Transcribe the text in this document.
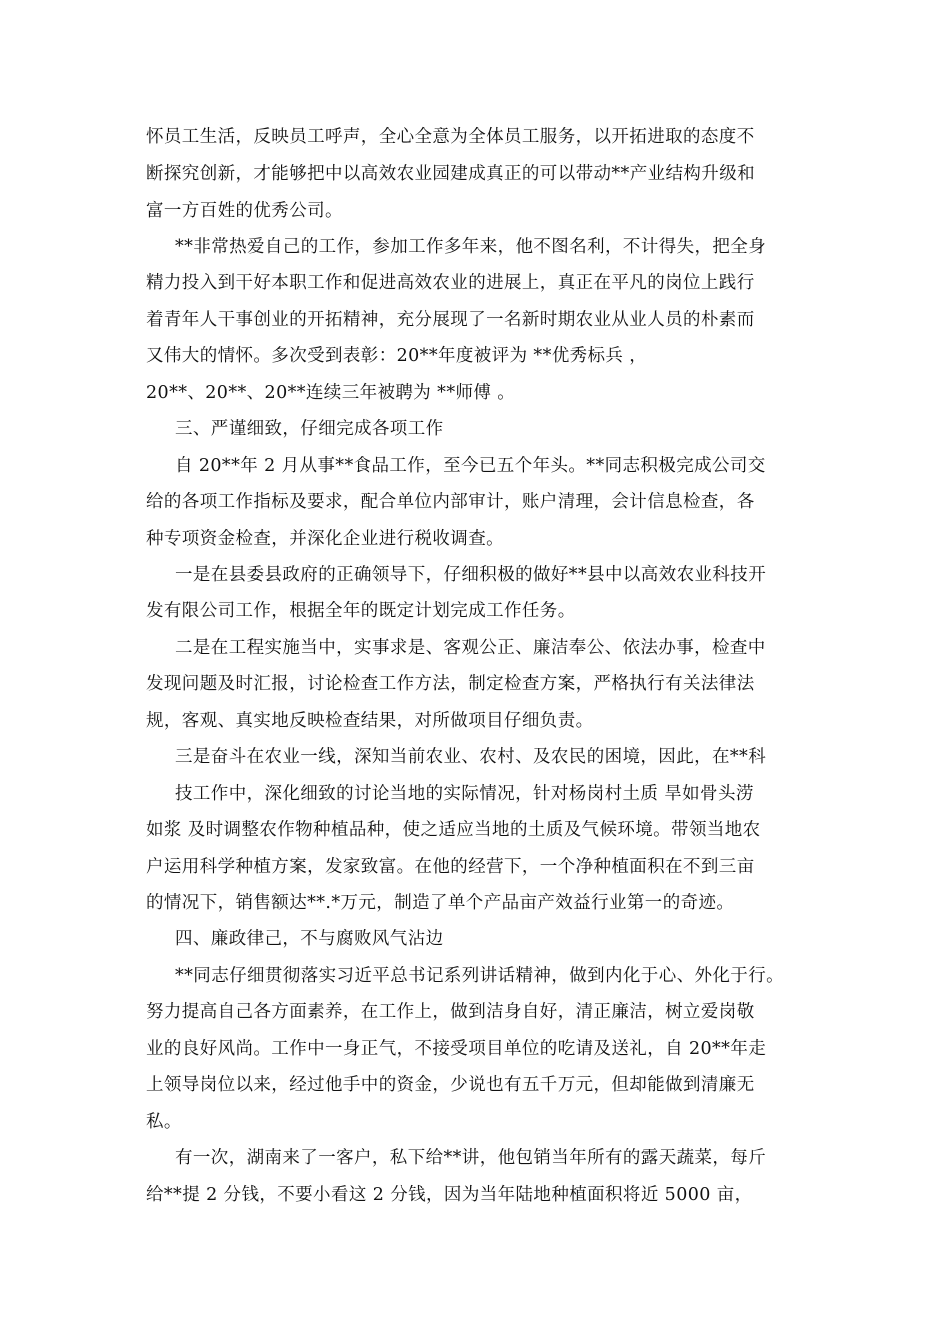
怀员工生活，反映员工呼声，全心全意为全体员工服务，以开拓进取的态度不
断探究创新，才能够把中以高效农业园建成真正的可以带动**产业结构升级和
富一方百姓的优秀公司。
**非常热爱自己的工作，参加工作多年来，他不图名利，不计得失，把全身
精力投入到干好本职工作和促进高效农业的进展上，真正在平凡的岗位上践行
着青年人干事创业的开拓精神，充分展现了一名新时期农业从业人员的朴素而
又伟大的情怀。多次受到表彰：20**年度被评为 **优秀标兵 ，
20**、20**、20**连续三年被聘为 **师傅 。
三、严谨细致，仔细完成各项工作
自 20**年 2 月从事**食品工作，至今已五个年头。**同志积极完成公司交
给的各项工作指标及要求，配合单位内部审计，账户清理，会计信息检查，各
种专项资金检查，并深化企业进行税收调查。
一是在县委县政府的正确领导下，仔细积极的做好**县中以高效农业科技开
发有限公司工作，根据全年的既定计划完成工作任务。
二是在工程实施当中，实事求是、客观公正、廉洁奉公、依法办事，检查中
发现问题及时汇报，讨论检查工作方法，制定检查方案，严格执行有关法律法
规，客观、真实地反映检查结果，对所做项目仔细负责。
三是奋斗在农业一线，深知当前农业、农村、及农民的困境，因此，在**科
技工作中，深化细致的讨论当地的实际情况，针对杨岗村土质 旱如骨头涝
如浆 及时调整农作物种植品种，使之适应当地的土质及气候环境。带领当地农
户运用科学种植方案，发家致富。在他的经营下，一个净种植面积在不到三亩
的情况下，销售额达**.*万元，制造了单个产品亩产效益行业第一的奇迹。
四、廉政律己，不与腐败风气沾边
**同志仔细贯彻落实习近平总书记系列讲话精神，做到内化于心、外化于行。
努力提高自己各方面素养，在工作上，做到洁身自好，清正廉洁，树立爱岗敬
业的良好风尚。工作中一身正气，不接受项目单位的吃请及送礼，自 20**年走
上领导岗位以来，经过他手中的资金，少说也有五千万元，但却能做到清廉无
私。
有一次，湖南来了一客户，私下给**讲，他包销当年所有的露天蔬菜，每斤
给**提 2 分钱，不要小看这 2 分钱，因为当年陆地种植面积将近 5000 亩，
